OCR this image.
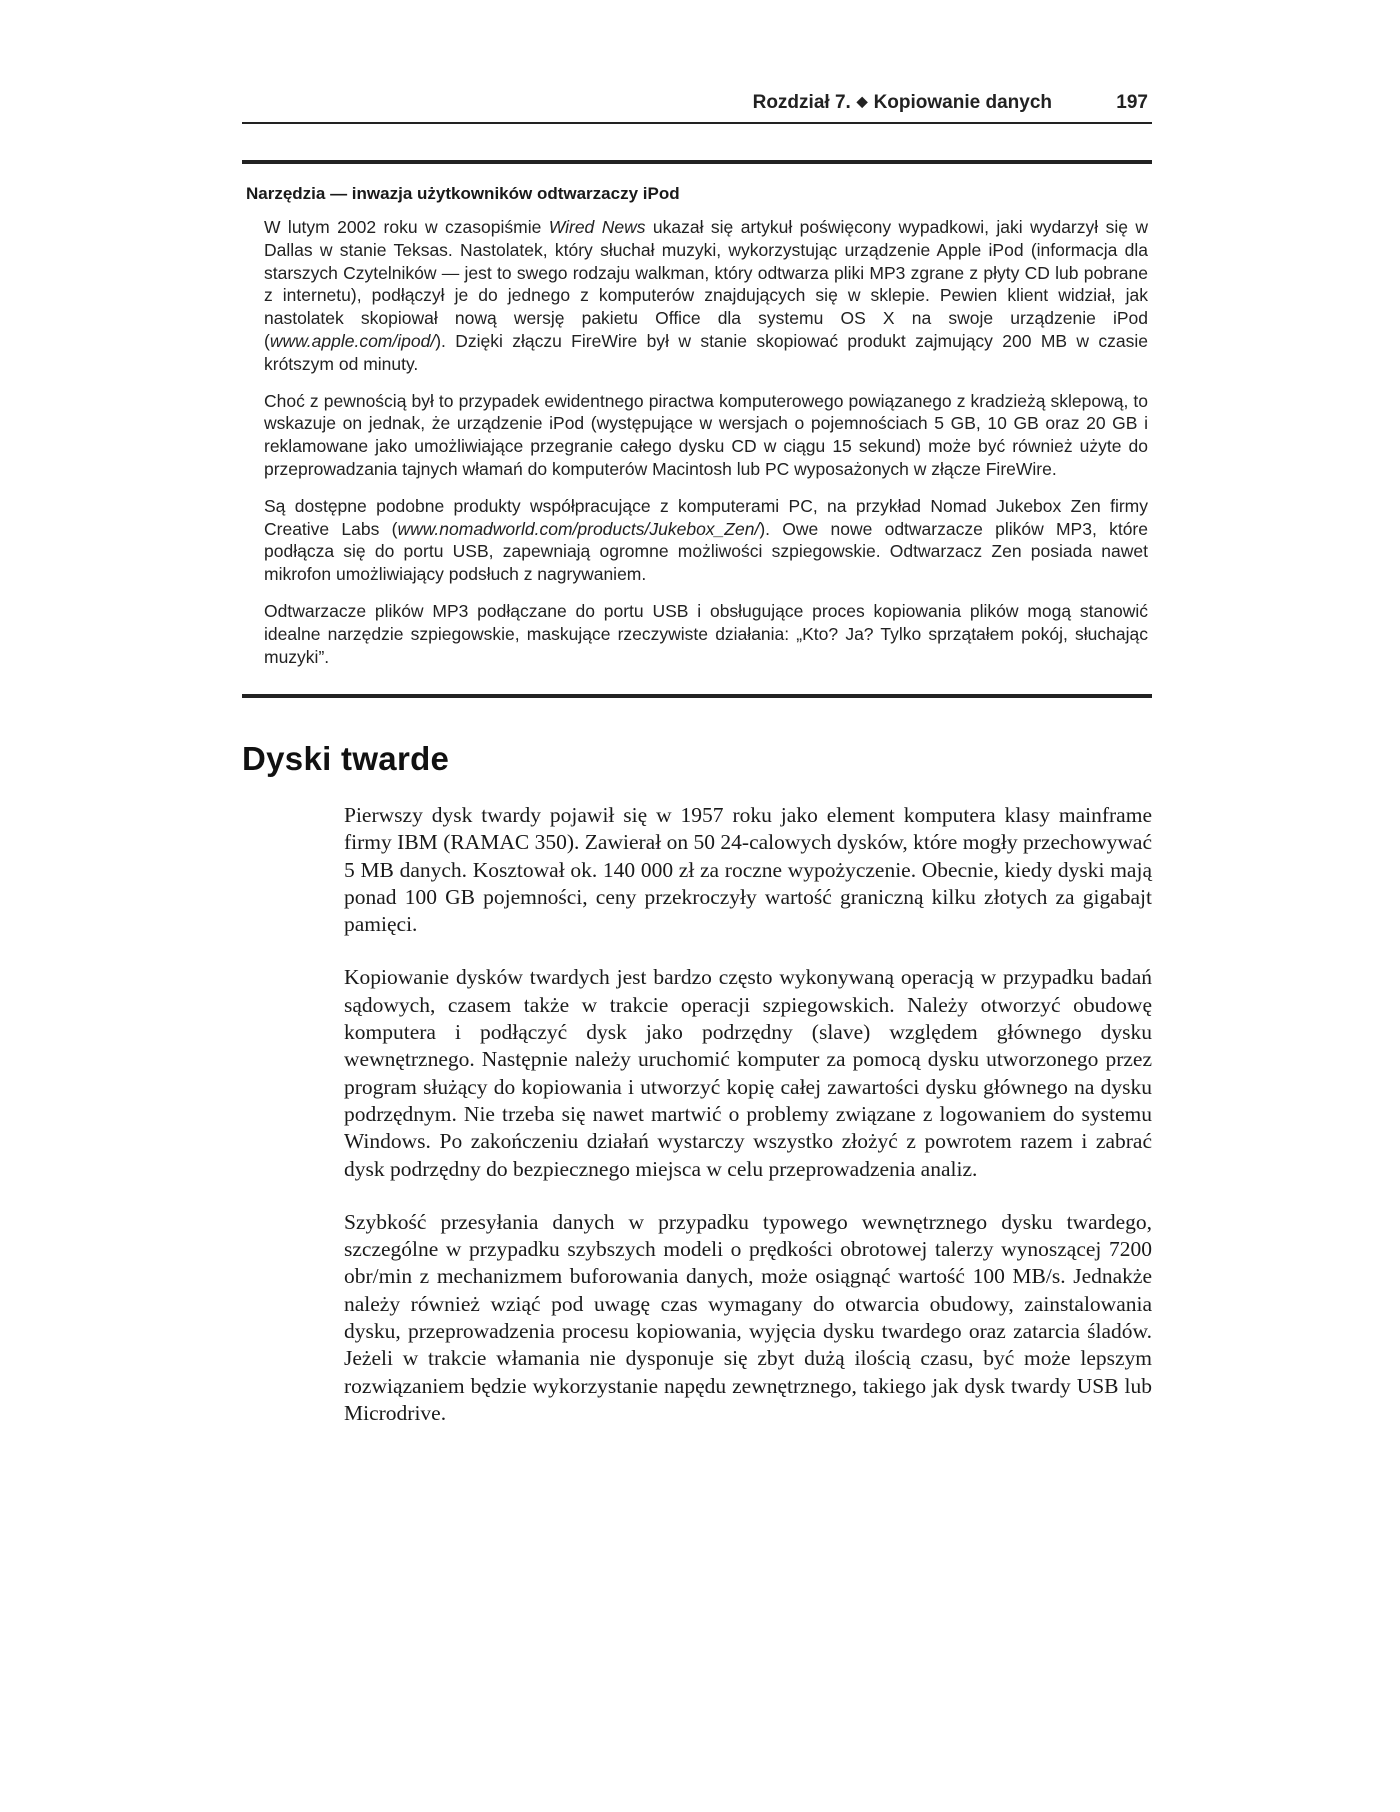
Rozdział 7. ◆ Kopiowanie danych	197
Narzędzia — inwazja użytkowników odtwarzaczy iPod

W lutym 2002 roku w czasopiśmie Wired News ukazał się artykuł poświęcony wypadkowi, jaki wydarzył się w Dallas w stanie Teksas. Nastolatek, który słuchał muzyki, wykorzystując urządzenie Apple iPod (informacja dla starszych Czytelników — jest to swego rodzaju walkman, który odtwarza pliki MP3 zgrane z płyty CD lub pobrane z internetu), podłączył je do jednego z komputerów znajdujących się w sklepie. Pewien klient widział, jak nastolatek skopiował nową wersję pakietu Office dla systemu OS X na swoje urządzenie iPod (www.apple.com/ipod/). Dzięki złączu FireWire był w stanie skopiować produkt zajmujący 200 MB w czasie krótszym od minuty.

Choć z pewnością był to przypadek ewidentnego piractwa komputerowego powiązanego z kradzieżą sklepową, to wskazuje on jednak, że urządzenie iPod (występujące w wersjach o pojemnościach 5 GB, 10 GB oraz 20 GB i reklamowane jako umożliwiające przegranie całego dysku CD w ciągu 15 sekund) może być również użyte do przeprowadzania tajnych włamań do komputerów Macintosh lub PC wyposażonych w złącze FireWire.

Są dostępne podobne produkty współpracujące z komputerami PC, na przykład Nomad Jukebox Zen firmy Creative Labs (www.nomadworld.com/products/Jukebox_Zen/). Owe nowe odtwarzacze plików MP3, które podłącza się do portu USB, zapewniają ogromne możliwości szpiegowskie. Odtwarzacz Zen posiada nawet mikrofon umożliwiający podsłuch z nagrywaniem.

Odtwarzacze plików MP3 podłączane do portu USB i obsługujące proces kopiowania plików mogą stanowić idealne narzędzie szpiegowskie, maskujące rzeczywiste działania: „Kto? Ja? Tylko sprzątałem pokój, słuchając muzyki”.

Dyski twarde

Pierwszy dysk twardy pojawił się w 1957 roku jako element komputera klasy mainframe firmy IBM (RAMAC 350). Zawierał on 50 24-calowych dysków, które mogły przechowywać 5 MB danych. Kosztował ok. 140 000 zł za roczne wypożyczenie. Obecnie, kiedy dyski mają ponad 100 GB pojemności, ceny przekroczyły wartość graniczną kilku złotych za gigabajt pamięci.

Kopiowanie dysków twardych jest bardzo często wykonywaną operacją w przypadku badań sądowych, czasem także w trakcie operacji szpiegowskich. Należy otworzyć obudowę komputera i podłączyć dysk jako podrzędny (slave) względem głównego dysku wewnętrznego. Następnie należy uruchomić komputer za pomocą dysku utworzonego przez program służący do kopiowania i utworzyć kopię całej zawartości dysku głównego na dysku podrzędnym. Nie trzeba się nawet martwić o problemy związane z logowaniem do systemu Windows. Po zakończeniu działań wystarczy wszystko złożyć z powrotem razem i zabrać dysk podrzędny do bezpiecznego miejsca w celu przeprowadzenia analiz.

Szybkość przesyłania danych w przypadku typowego wewnętrznego dysku twardego, szczególne w przypadku szybszych modeli o prędkości obrotowej talerzy wynoszącej 7200 obr/min z mechanizmem buforowania danych, może osiągnąć wartość 100 MB/s. Jednakże należy również wziąć pod uwagę czas wymagany do otwarcia obudowy, zainstalowania dysku, przeprowadzenia procesu kopiowania, wyjęcia dysku twardego oraz zatarcia śladów. Jeżeli w trakcie włamania nie dysponuje się zbyt dużą ilością czasu, być może lepszym rozwiązaniem będzie wykorzystanie napędu zewnętrznego, takiego jak dysk twardy USB lub Microdrive.
